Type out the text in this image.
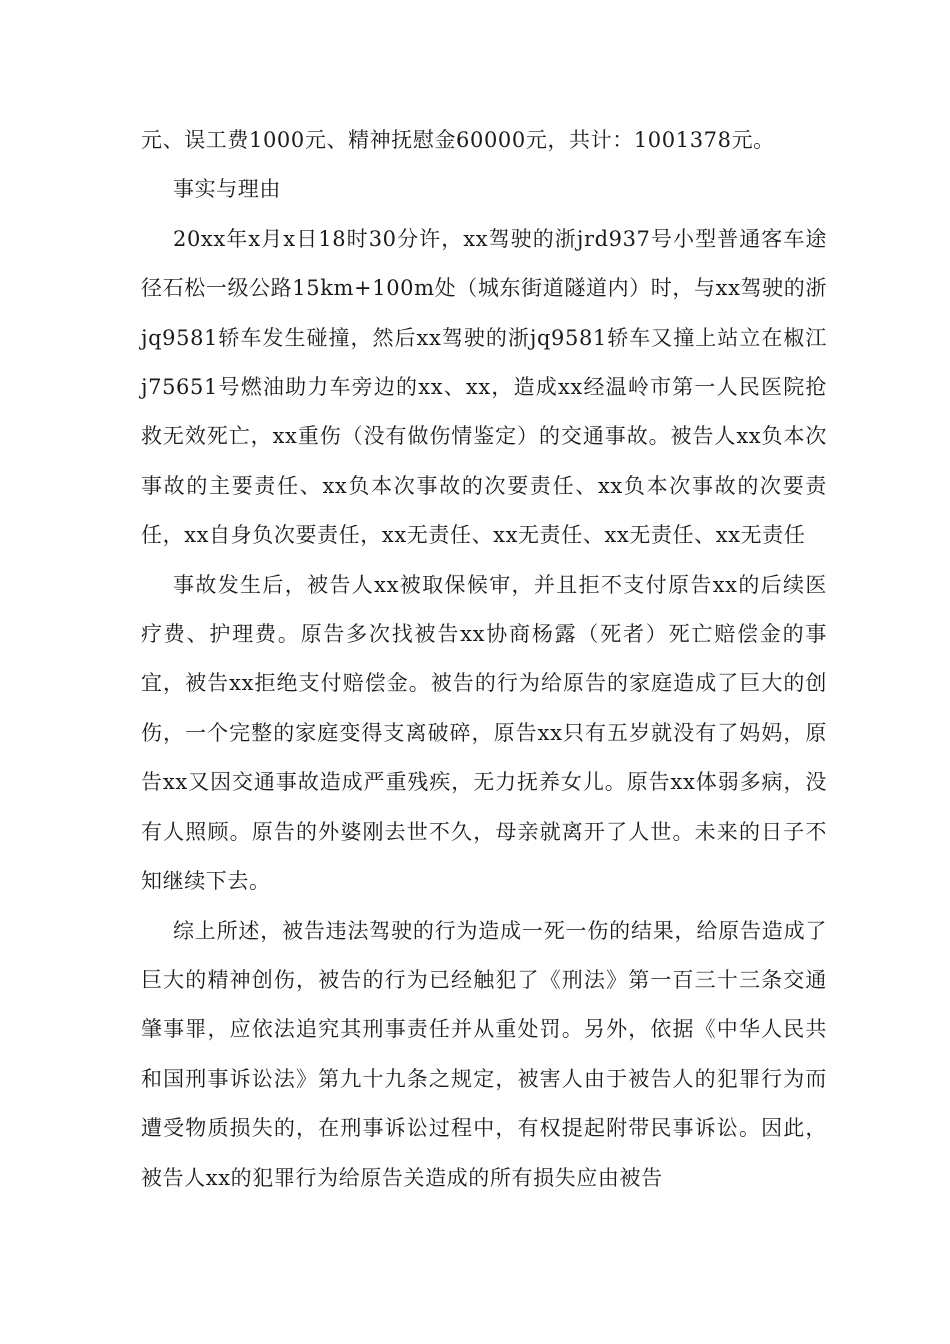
元、误工费1000元、精神抚慰金60000元，共计：1001378元。

事实与理由

20xx年x月x日18时30分许，xx驾驶的浙jrd937号小型普通客车途径石松一级公路15km+100m处（城东街道隧道内）时，与xx驾驶的浙jq9581轿车发生碰撞，然后xx驾驶的浙jq9581轿车又撞上站立在椒江j75651号燃油助力车旁边的xx、xx，造成xx经温岭市第一人民医院抢救无效死亡，xx重伤（没有做伤情鉴定）的交通事故。被告人xx负本次事故的主要责任、xx负本次事故的次要责任、xx负本次事故的次要责任，xx自身负次要责任，xx无责任、xx无责任、xx无责任、xx无责任

事故发生后，被告人xx被取保候审，并且拒不支付原告xx的后续医疗费、护理费。原告多次找被告xx协商杨露（死者）死亡赔偿金的事宜，被告xx拒绝支付赔偿金。被告的行为给原告的家庭造成了巨大的创伤，一个完整的家庭变得支离破碎，原告xx只有五岁就没有了妈妈，原告xx又因交通事故造成严重残疾，无力抚养女儿。原告xx体弱多病，没有人照顾。原告的外婆刚去世不久，母亲就离开了人世。未来的日子不知继续下去。

综上所述，被告违法驾驶的行为造成一死一伤的结果，给原告造成了巨大的精神创伤，被告的行为已经触犯了《刑法》第一百三十三条交通肇事罪，应依法追究其刑事责任并从重处罚。另外，依据《中华人民共和国刑事诉讼法》第九十九条之规定，被害人由于被告人的犯罪行为而遭受物质损失的，在刑事诉讼过程中，有权提起附带民事诉讼。因此，被告人xx的犯罪行为给原告关造成的所有损失应由被告
